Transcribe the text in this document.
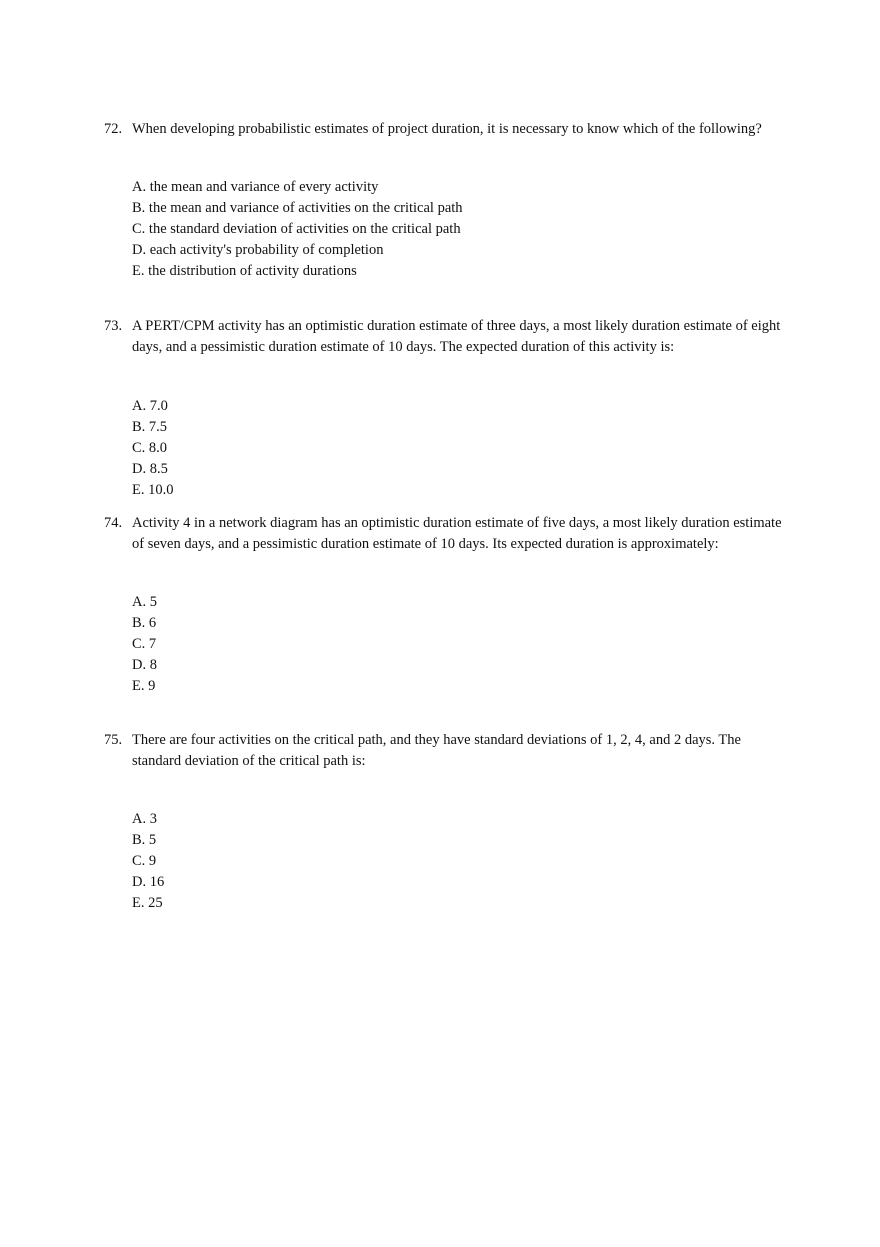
72. When developing probabilistic estimates of project duration, it is necessary to know which of the following?
A. the mean and variance of every activity
B. the mean and variance of activities on the critical path
C. the standard deviation of activities on the critical path
D. each activity's probability of completion
E. the distribution of activity durations
73. A PERT/CPM activity has an optimistic duration estimate of three days, a most likely duration estimate of eight days, and a pessimistic duration estimate of 10 days. The expected duration of this activity is:
A. 7.0
B. 7.5
C. 8.0
D. 8.5
E. 10.0
74. Activity 4 in a network diagram has an optimistic duration estimate of five days, a most likely duration estimate of seven days, and a pessimistic duration estimate of 10 days. Its expected duration is approximately:
A. 5
B. 6
C. 7
D. 8
E. 9
75. There are four activities on the critical path, and they have standard deviations of 1, 2, 4, and 2 days. The standard deviation of the critical path is:
A. 3
B. 5
C. 9
D. 16
E. 25
